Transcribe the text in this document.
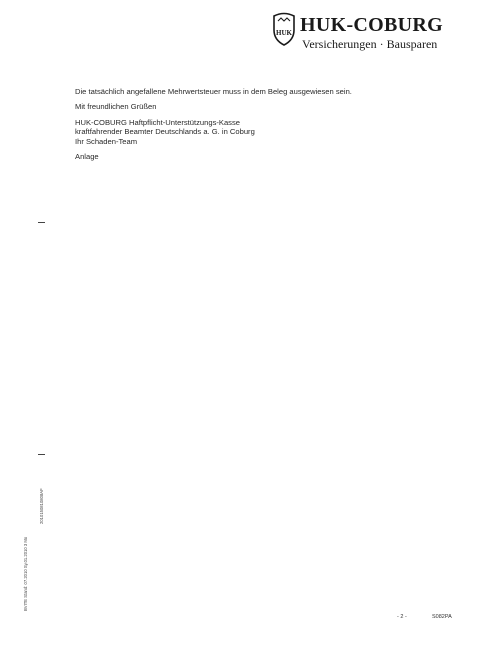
HUK HUK-COBURG
Versicherungen · Bausparen
Die tatsächlich angefallene Mehrwertsteuer muss in dem Beleg ausgewiesen sein.
Mit freundlichen Grüßen
HUK-COBURG Haftpflicht-Unterstützungs-Kasse
kraftfahrender Beamter Deutschlands a. G. in Coburg
Ihr Schaden-Team
Anlage
2010150810808AF
BVITE Stand: 07.2010 Sy.01.2010 3 Mo
- 2 -	S082PA
